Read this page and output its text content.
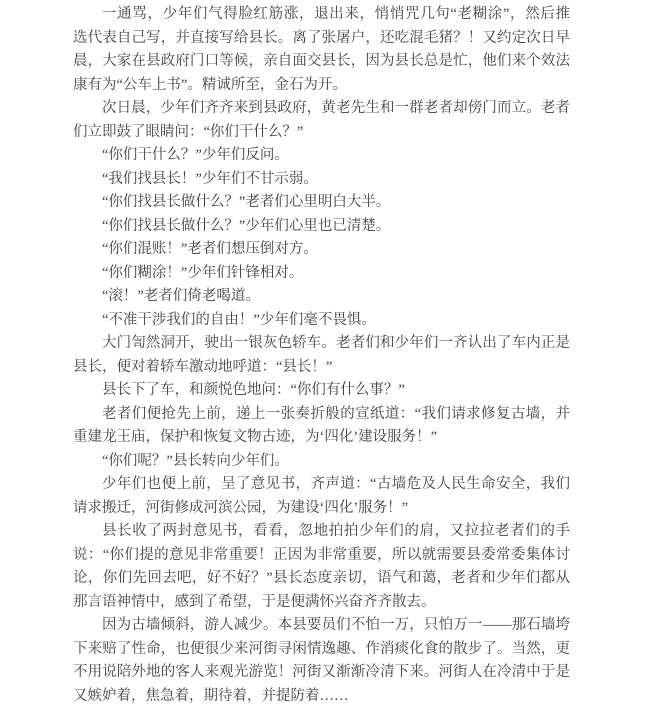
一通骂，少年们气得脸红筋涨，退出来，悄悄咒几句“老糊涂”，然后推
选代表自己写，并直接写给县长。离了张屠户，还吃混毛猪？！又约定次日早
晨，大家在县政府门口等候，亲自面交县长，因为县长总是忙，他们来个效法
康有为“公车上书”。精诚所至，金石为开。
次日晨，少年们齐齐来到县政府，黄老先生和一群老者却傍门而立。老者
们立即鼓了眼睛问：“你们干什么？”
“你们干什么？”少年们反问。
“我们找县长！”少年们不甘示弱。
“你们找县长做什么？”老者们心里明白大半。
“你们找县长做什么？”少年们心里也已清楚。
“你们混账！”老者们想压倒对方。
“你们糊涂！”少年们针锋相对。
“滚！”老者们倚老喝道。
“不准干涉我们的自由！”少年们毫不畏惧。
大门訇然洞开，驶出一银灰色轿车。老者们和少年们一齐认出了车内正是
县长，便对着轿车激动地呼道：“县长！”
县长下了车，和颜悦色地问：“你们有什么事？”
老者们便抢先上前，递上一张奏折般的宣纸道：“我们请求修复古墙，并
重建龙王庙，保护和恢复文物古迹，为‘四化’建设服务！”
“你们呢？”县长转向少年们。
少年们也便上前，呈了意见书，齐声道：“古墙危及人民生命安全，我们
请求搬迁，河街修成河滨公园，为建设‘四化’服务！”
县长收了两封意见书，看看，忽地拍拍少年们的肩，又拉拉老者们的手
说：“你们提的意见非常重要！正因为非常重要，所以就需要县委常委集体讨
论，你们先回去吧，好不好？”县长态度亲切，语气和蔼，老者和少年们都从
那言语神情中，感到了希望，于是便满怀兴奋齐齐散去。
因为古墙倾斜，游人减少。本县要员们不怕一万，只怕万一——那石墙垮
下来赔了性命，也便很少来河街寻闲情逸趣、作消痰化食的散步了。当然，更
不用说陪外地的客人来观光游览！河街又渐渐冷清下来。河街人在冷清中于是
又嫉妒着，焦急着，期待着，并提防着……
